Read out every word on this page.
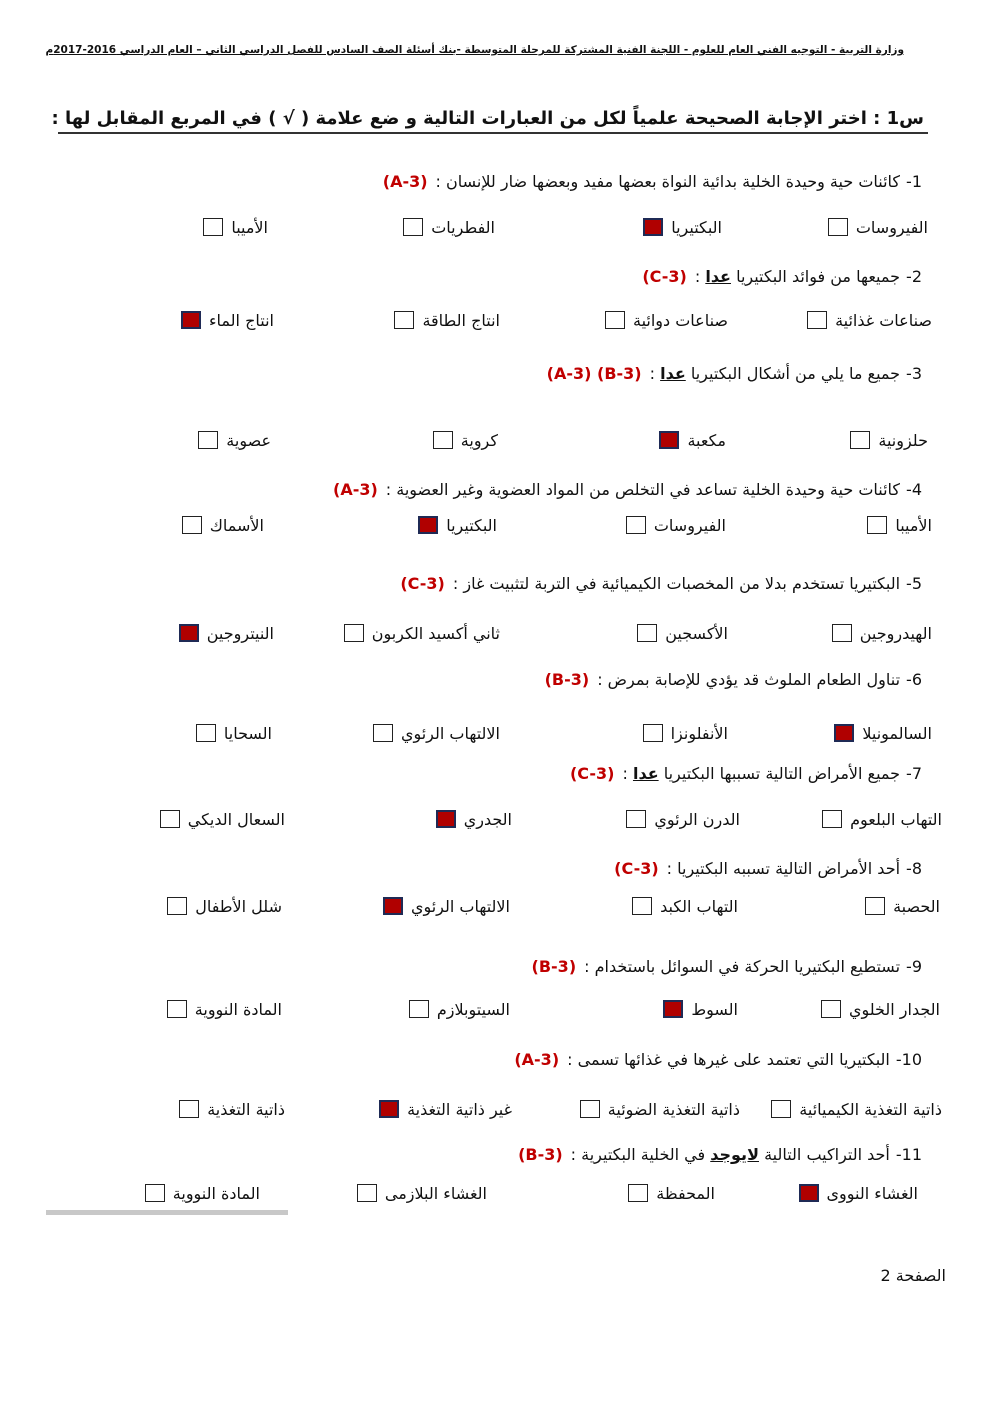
وزارة التربية - التوجيه الفني العام للعلوم - اللجنة الفنية المشتركة للمرحلة المتوسطة -بنك أسئلة الصف السادس للفصل الدراسي الثاني – العام الدراسي 2016-2017م
س1 : اختر الإجابة الصحيحة علمياً لكل من العبارات التالية و ضع علامة ( √ ) في المربع المقابل لها :
1-كائنات حية وحيدة الخلية بدائية النواة بعضها مفيد وبعضها ضار للإنسان :(A-3)
الفيروسات
البكتيريا
الفطريات
الأميبا
2-جميعها من فوائد البكتيريا عدا :(C-3)
صناعات غذائية
صناعات دوائية
انتاج الطاقة
انتاج الماء
3-جميع ما يلي من أشكال البكتيريا عدا :(A-3) (B-3)
حلزونية
مكعبة
كروية
عصوية
4-كائنات حية وحيدة الخلية تساعد في التخلص من المواد العضوية وغير العضوية :(A-3)
الأميبا
الفيروسات
البكتيريا
الأسماك
5-البكتيريا تستخدم بدلا من المخصبات الكيميائية في التربة لتثبيت غاز :(C-3)
الهيدروجين
الأكسجين
ثاني أكسيد الكربون
النيتروجين
6-تناول الطعام الملوث قد يؤدي للإصابة بمرض :(B-3)
السالمونيلا
الأنفلونزا
الالتهاب الرئوي
السحايا
7-جميع الأمراض التالية تسببها البكتيريا عدا :(C-3)
التهاب البلعوم
الدرن الرئوي
الجدري
السعال الديكي
8-أحد الأمراض التالية تسببه البكتيريا :(C-3)
الحصبة
التهاب الكبد
الالتهاب الرئوي
شلل الأطفال
9-تستطيع البكتيريا الحركة في السوائل باستخدام :(B-3)
الجدار الخلوي
السوط
السيتوبلازم
المادة النووية
10-البكتيريا التي تعتمد على غيرها في غذائها تسمى :(A-3)
ذاتية التغذية الكيميائية
ذاتية التغذية الضوئية
غير ذاتية التغذية
ذاتية التغذية
11-أحد التراكيب التالية لايوجد في الخلية البكتيرية :(B-3)
الغشاء النووى
المحفظة
الغشاء البلازمى
المادة النووية
الصفحة 2
